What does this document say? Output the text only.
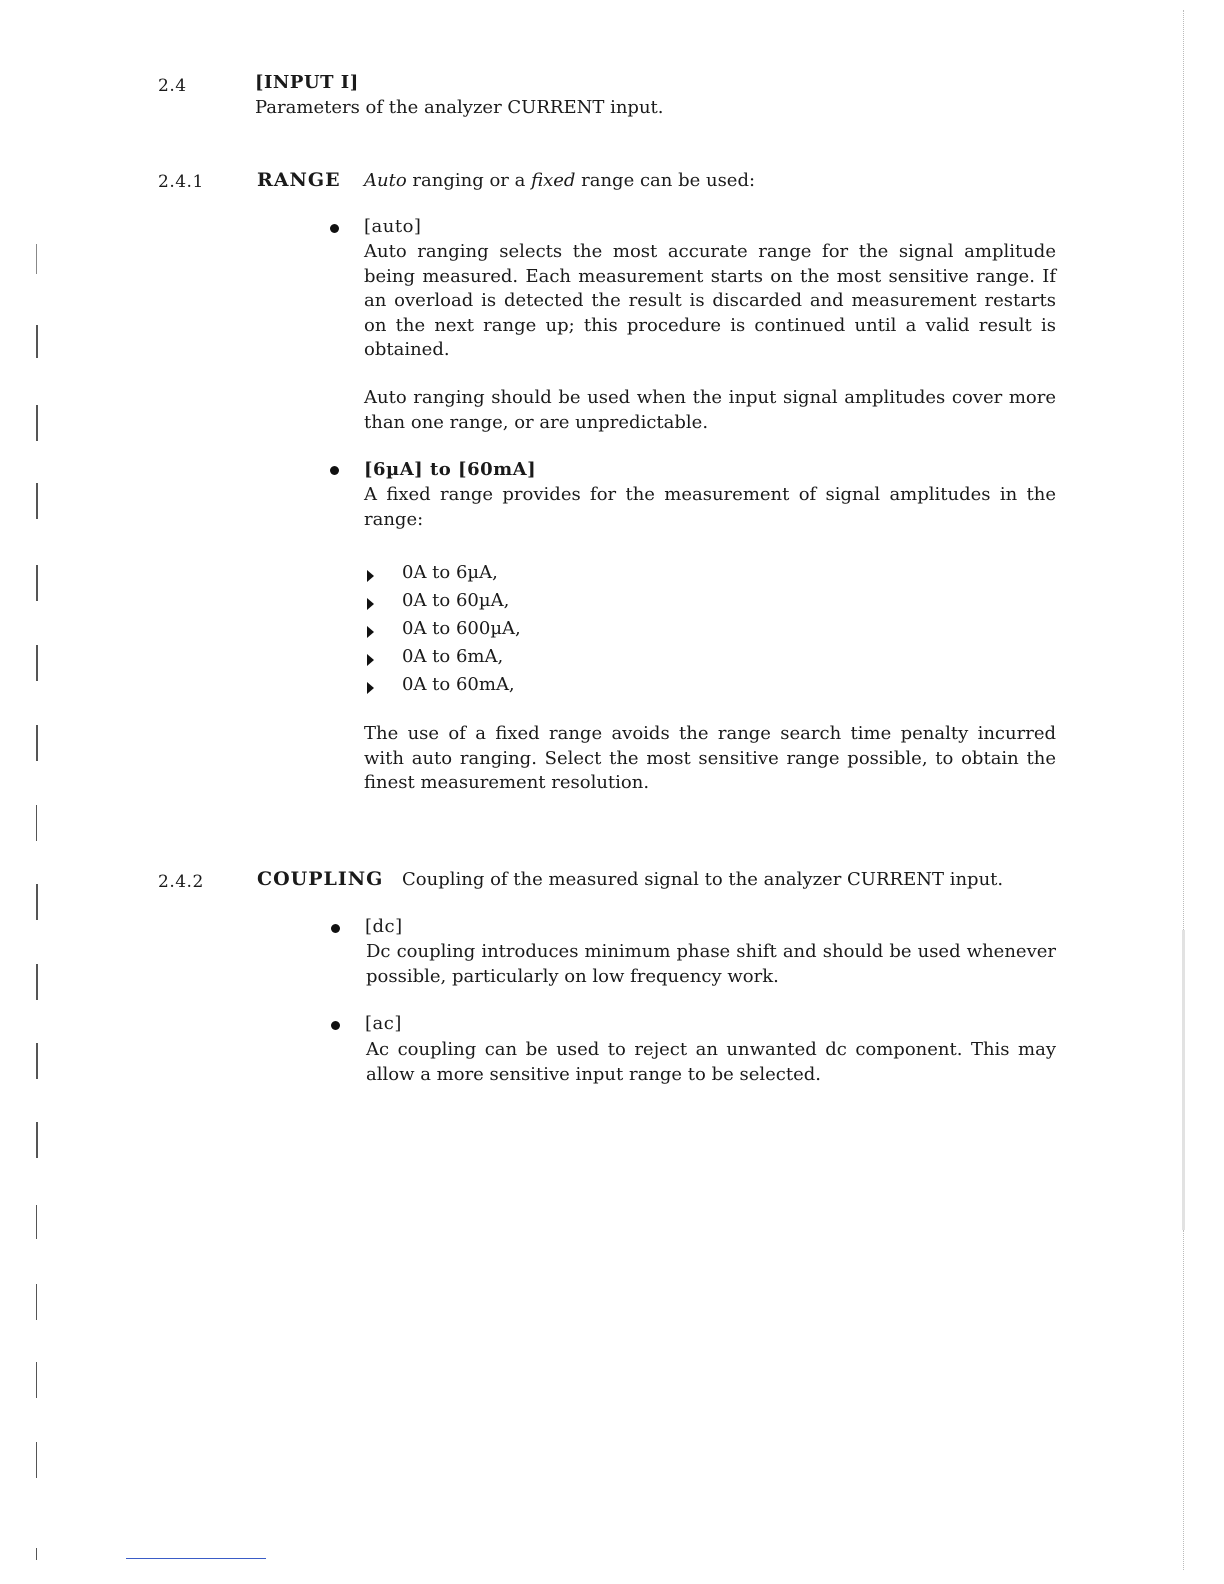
2.4	[INPUT I]
Parameters of the analyzer CURRENT input.
2.4.1	RANGE Auto ranging or a fixed range can be used:
[auto]
Auto ranging selects the most accurate range for the signal amplitude being measured. Each measurement starts on the most sensitive range. If an overload is detected the result is discarded and measurement restarts on the next range up; this procedure is continued until a valid result is obtained.
Auto ranging should be used when the input signal amplitudes cover more than one range, or are unpredictable.
[6µA] to [60mA]
A fixed range provides for the measurement of signal amplitudes in the range:
0A to 6µA,
0A to 60µA,
0A to 600µA,
0A to 6mA,
0A to 60mA,
The use of a fixed range avoids the range search time penalty incurred with auto ranging. Select the most sensitive range possible, to obtain the finest measurement resolution.
2.4.2	COUPLING Coupling of the measured signal to the analyzer CURRENT input.
[dc]
Dc coupling introduces minimum phase shift and should be used whenever possible, particularly on low frequency work.
[ac]
Ac coupling can be used to reject an unwanted dc component. This may allow a more sensitive input range to be selected.
